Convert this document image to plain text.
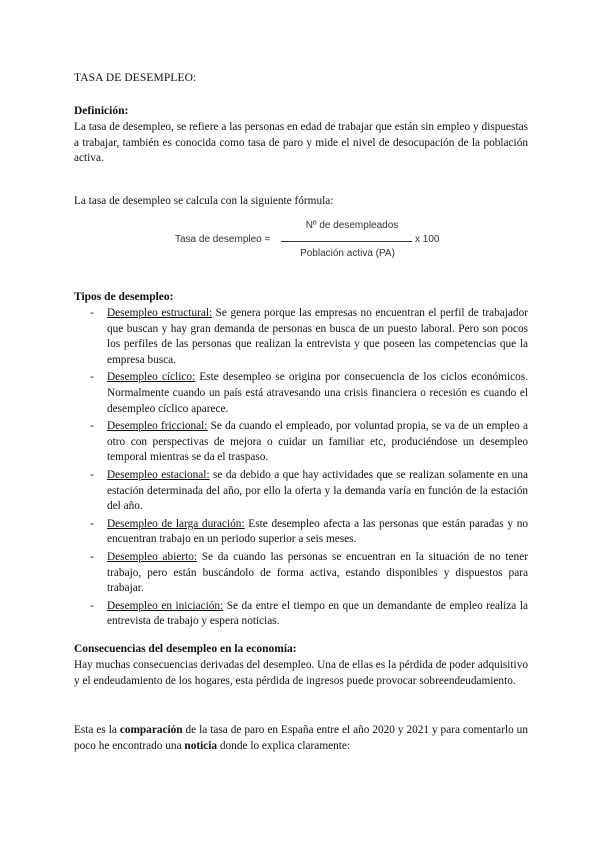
TASA DE DESEMPLEO:
Definición:
La tasa de desempleo, se refiere a las personas en edad de trabajar que están sin empleo y dispuestas a trabajar, también es conocida como tasa de paro y mide el nivel de desocupación de la población activa.
La tasa de desempleo se calcula con la siguiente fórmula:
Tasa de desempleo =
Nº de desempleados
Población activa (PA)
x 100
Tipos de desempleo:
- Desempleo estructural: Se genera porque las empresas no encuentran el perfil de trabajador que buscan y hay gran demanda de personas en busca de un puesto laboral. Pero son pocos los perfiles de las personas que realizan la entrevista y que poseen las competencias que la empresa busca.
- Desempleo cíclico: Este desempleo se origina por consecuencia de los ciclos económicos. Normalmente cuando un país está atravesando una crisis financiera o recesión es cuando el desempleo cíclico aparece.
- Desempleo friccional: Se da cuando el empleado, por voluntad propia, se va de un empleo a otro con perspectivas de mejora o cuidar un familiar etc, produciéndose un desempleo temporal mientras se da el traspaso.
- Desempleo estacional: se da debido a que hay actividades que se realizan solamente en una estación determinada del año, por ello la oferta y la demanda varía en función de la estación del año.
- Desempleo de larga duración: Este desempleo afecta a las personas que están paradas y no encuentran trabajo en un periodo superior a seis meses.
- Desempleo abierto: Se da cuando las personas se encuentran en la situación de no tener trabajo, pero están buscándolo de forma activa, estando disponibles y dispuestos para trabajar.
- Desempleo en iniciación: Se da entre el tiempo en que un demandante de empleo realiza la entrevista de trabajo y espera noticias.
Consecuencias del desempleo en la economía:
Hay muchas consecuencias derivadas del desempleo. Una de ellas es la pérdida de poder adquisitivo y el endeudamiento de los hogares, esta pérdida de ingresos puede provocar sobreendeudamiento.
Esta es la comparación de la tasa de paro en España entre el año 2020 y 2021 y para comentarlo un poco he encontrado una noticia donde lo explica claramente:
